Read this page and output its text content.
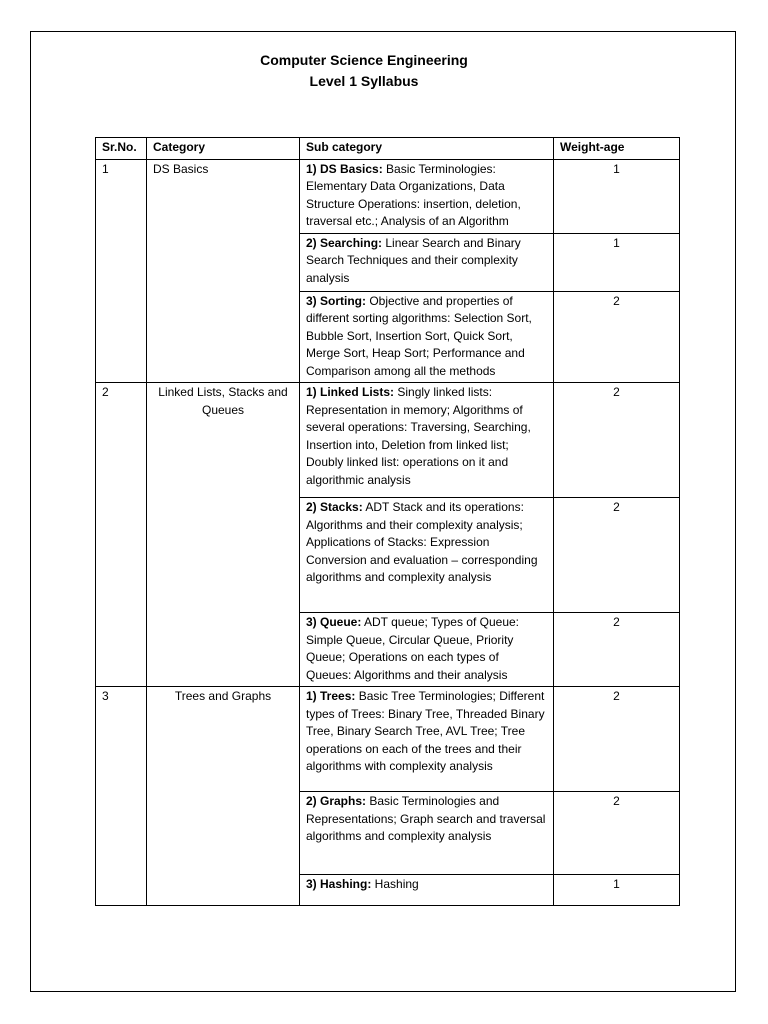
Computer Science Engineering
Level 1 Syllabus
Sr.No.	Category	Sub category	Weight-age
1	DS Basics	1) DS Basics: Basic Terminologies: Elementary Data Organizations, Data Structure Operations: insertion, deletion, traversal etc.; Analysis of an Algorithm	1
		2) Searching: Linear Search and Binary Search Techniques and their complexity analysis	1
		3) Sorting: Objective and properties of different sorting algorithms: Selection Sort, Bubble Sort, Insertion Sort, Quick Sort, Merge Sort, Heap Sort; Performance and Comparison among all the methods	2
2	Linked Lists, Stacks and Queues	1) Linked Lists: Singly linked lists: Representation in memory; Algorithms of several operations: Traversing, Searching, Insertion into, Deletion from linked list; Doubly linked list: operations on it and algorithmic analysis	2
		2) Stacks: ADT Stack and its operations: Algorithms and their complexity analysis; Applications of Stacks: Expression Conversion and evaluation – corresponding algorithms and complexity analysis	2
		3) Queue: ADT queue; Types of Queue: Simple Queue, Circular Queue, Priority Queue; Operations on each types of Queues: Algorithms and their analysis	2
3	Trees and Graphs	1) Trees: Basic Tree Terminologies; Different types of Trees: Binary Tree, Threaded Binary Tree, Binary Search Tree, AVL Tree; Tree operations on each of the trees and their algorithms with complexity analysis	2
		2) Graphs: Basic Terminologies and Representations; Graph search and traversal algorithms and complexity analysis	2
		3) Hashing: Hashing	1
